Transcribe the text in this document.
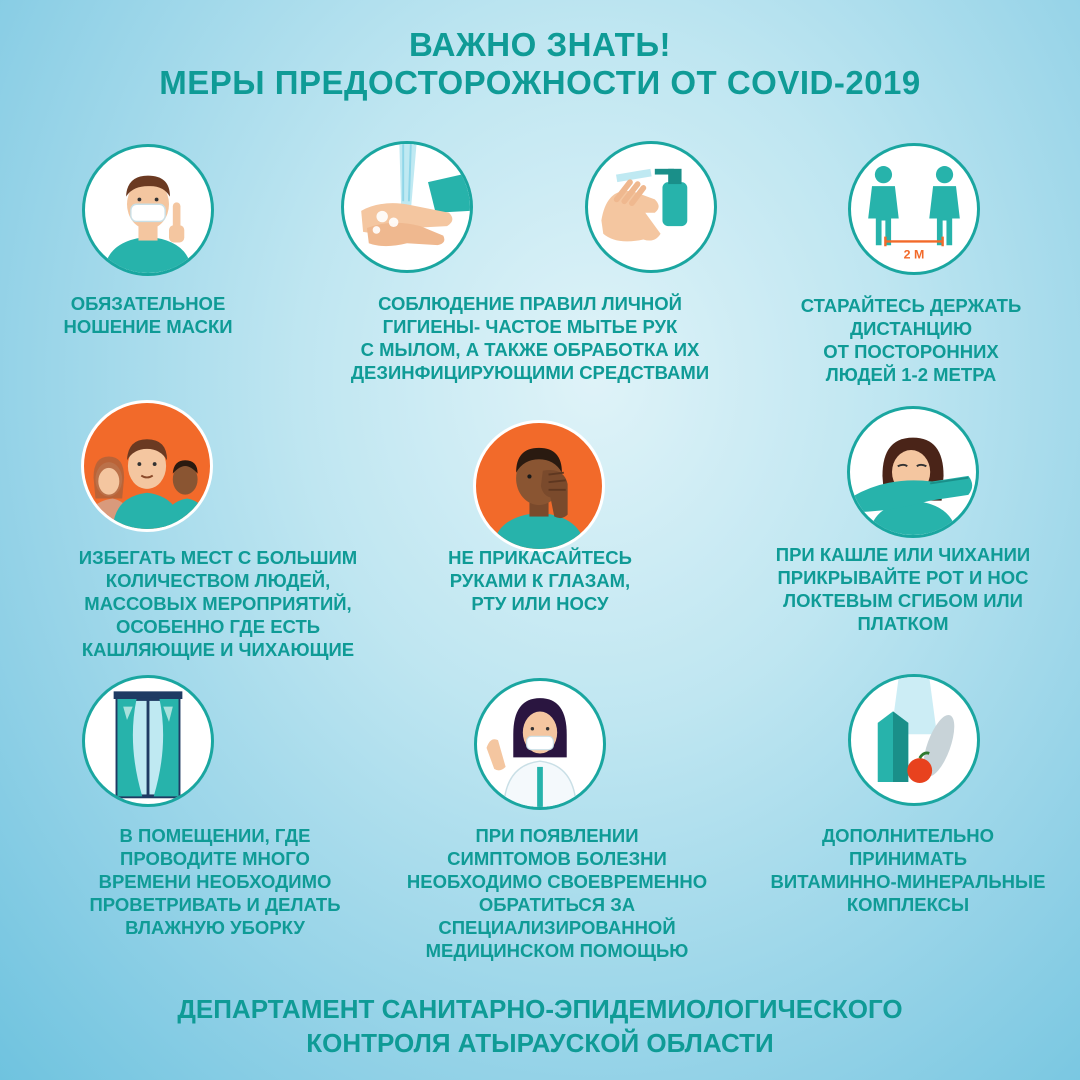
ВАЖНО ЗНАТЬ!
МЕРЫ ПРЕДОСТОРОЖНОСТИ ОТ COVID-2019
2 М
ОБЯЗАТЕЛЬНОЕ
НОШЕНИЕ МАСКИ
СОБЛЮДЕНИЕ ПРАВИЛ ЛИЧНОЙ
ГИГИЕНЫ- ЧАСТОЕ МЫТЬЕ РУК
С МЫЛОМ, А ТАКЖЕ ОБРАБОТКА ИХ
ДЕЗИНФИЦИРУЮЩИМИ СРЕДСТВАМИ
СТАРАЙТЕСЬ ДЕРЖАТЬ
ДИСТАНЦИЮ
ОТ ПОСТОРОННИХ
ЛЮДЕЙ 1-2 МЕТРА
ИЗБЕГАТЬ МЕСТ С БОЛЬШИМ
КОЛИЧЕСТВОМ ЛЮДЕЙ,
МАССОВЫХ МЕРОПРИЯТИЙ,
ОСОБЕННО ГДЕ ЕСТЬ
КАШЛЯЮЩИЕ И ЧИХАЮЩИЕ
НЕ ПРИКАСАЙТЕСЬ
РУКАМИ К ГЛАЗАМ,
РТУ ИЛИ НОСУ
ПРИ КАШЛЕ ИЛИ ЧИХАНИИ
ПРИКРЫВАЙТЕ РОТ И НОС
ЛОКТЕВЫМ СГИБОМ ИЛИ
ПЛАТКОМ
В ПОМЕЩЕНИИ, ГДЕ
ПРОВОДИТЕ МНОГО
ВРЕМЕНИ НЕОБХОДИМО
ПРОВЕТРИВАТЬ И ДЕЛАТЬ
ВЛАЖНУЮ УБОРКУ
ПРИ ПОЯВЛЕНИИ
СИМПТОМОВ БОЛЕЗНИ
НЕОБХОДИМО СВОЕВРЕМЕННО
ОБРАТИТЬСЯ ЗА
СПЕЦИАЛИЗИРОВАННОЙ
МЕДИЦИНСКОМ ПОМОЩЬЮ
ДОПОЛНИТЕЛЬНО
ПРИНИМАТЬ
ВИТАМИННО-МИНЕРАЛЬНЫЕ
КОМПЛЕКСЫ
ДЕПАРТАМЕНТ САНИТАРНО-ЭПИДЕМИОЛОГИЧЕСКОГО
КОНТРОЛЯ АТЫРАУСКОЙ ОБЛАСТИ
